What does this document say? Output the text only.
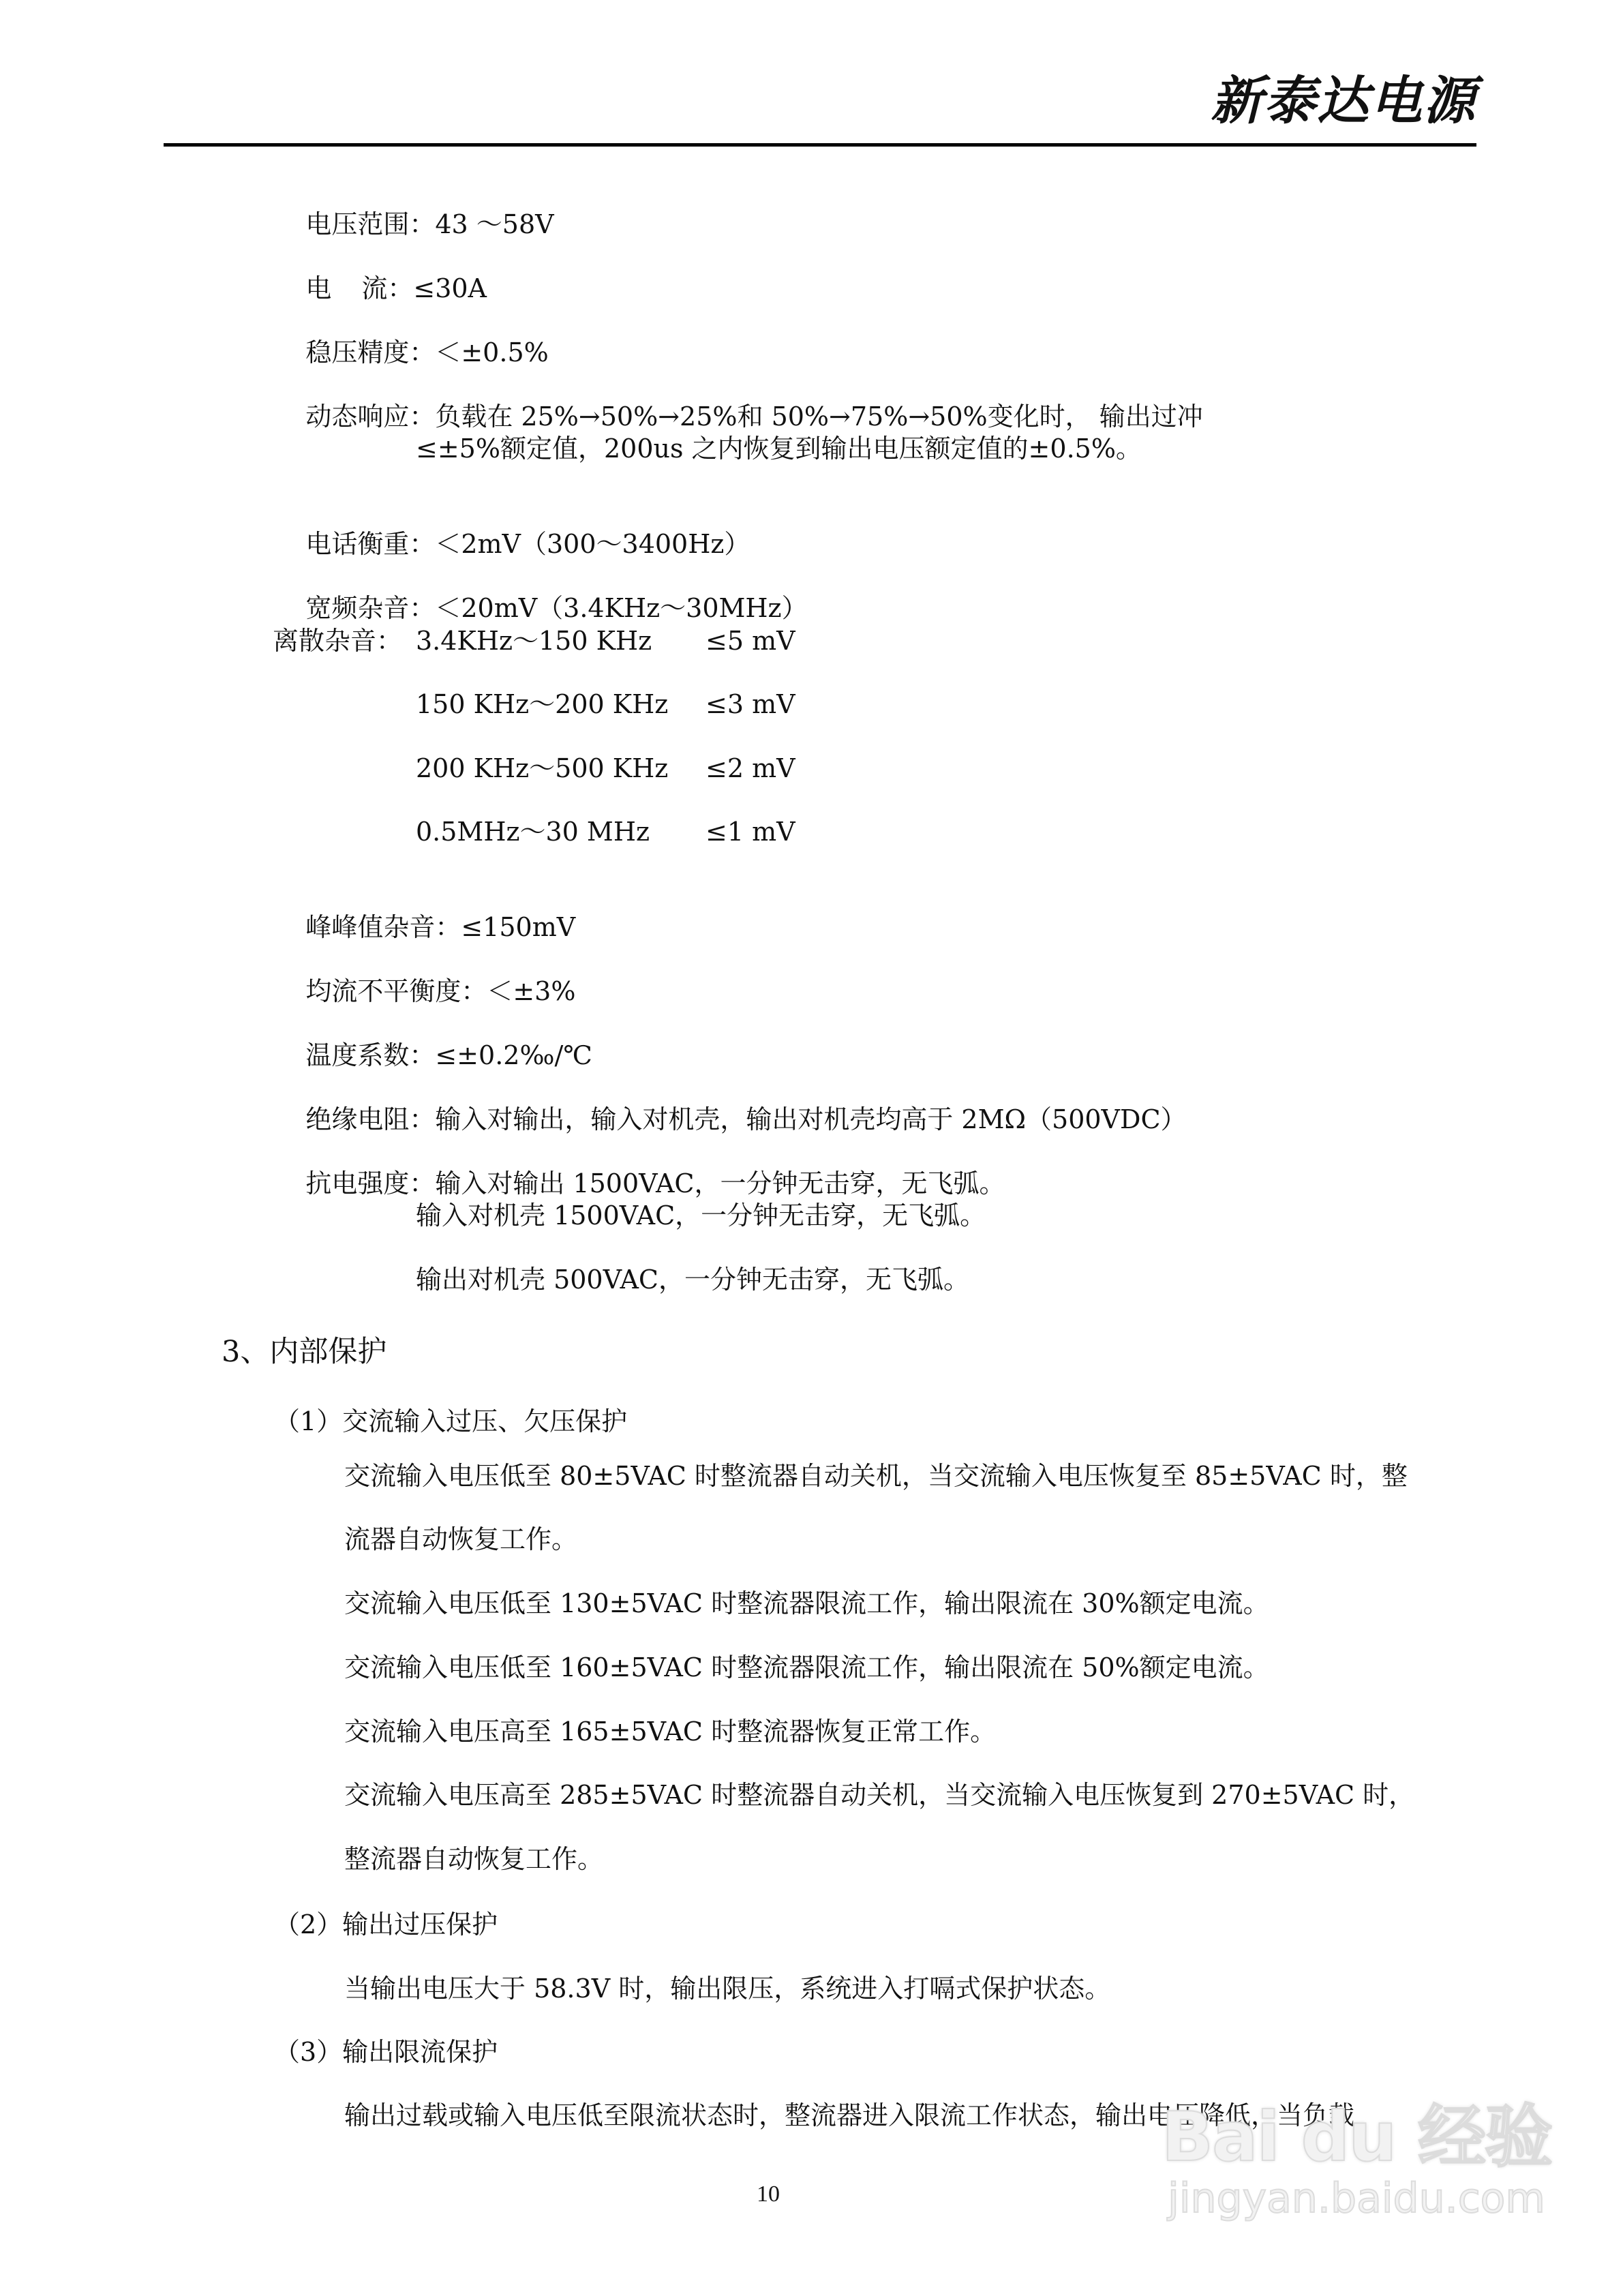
新泰达电源

电压范围：43 ～58V

电 流：≤30A

稳压精度：＜±0.5%

动态响应：负载在 25%→50%→25%和 50%→75%→50%变化时， 输出过冲

≤±5%额定值，200us 之内恢复到输出电压额定值的±0.5%。

电话衡重：＜2mV（300～3400Hz）

宽频杂音：＜20mV（3.4KHz～30MHz）

离散杂音： 3.4KHz～150 KHz ≤5 mV
150 KHz～200 KHz ≤3 mV
200 KHz～500 KHz ≤2 mV
0.5MHz～30 MHz ≤1 mV

峰峰值杂音：≤150mV

均流不平衡度：＜±3%

温度系数：≤±0.2‰/℃

绝缘电阻：输入对输出，输入对机壳，输出对机壳均高于 2MΩ（500VDC）

抗电强度：输入对输出 1500VAC，一分钟无击穿，无飞弧。

输入对机壳 1500VAC，一分钟无击穿，无飞弧。
输出对机壳 500VAC，一分钟无击穿，无飞弧。
3、内部保护
（1）交流输入过压、欠压保护
交流输入电压低至 80±5VAC 时整流器自动关机，当交流输入电压恢复至 85±5VAC 时，整
流器自动恢复工作。
交流输入电压低至 130±5VAC 时整流器限流工作，输出限流在 30%额定电流。
交流输入电压低至 160±5VAC 时整流器限流工作，输出限流在 50%额定电流。
交流输入电压高至 165±5VAC 时整流器恢复正常工作。
交流输入电压高至 285±5VAC 时整流器自动关机，当交流输入电压恢复到 270±5VAC 时，
整流器自动恢复工作。
（2）输出过压保护
当输出电压大于 58.3V 时，输出限压，系统进入打嗝式保护状态。
（3）输出限流保护
输出过载或输入电压低至限流状态时，整流器进入限流工作状态，输出电压降低，当负载
Bai du 经验
jingyan.baidu.com
10
